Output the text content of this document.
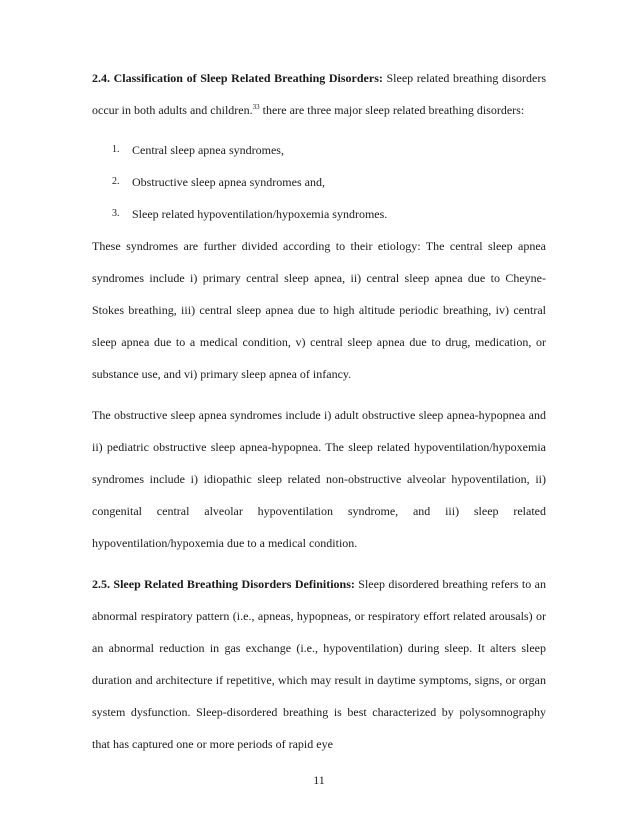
2.4. Classification of Sleep Related Breathing Disorders: Sleep related breathing disorders occur in both adults and children.$^{33}$ there are three major sleep related breathing disorders:

1. Central sleep apnea syndromes,
2. Obstructive sleep apnea syndromes and,
3. Sleep related hypoventilation/hypoxemia syndromes.

These syndromes are further divided according to their etiology: The central sleep apnea syndromes include i) primary central sleep apnea, ii) central sleep apnea due to Cheyne-Stokes breathing, iii) central sleep apnea due to high altitude periodic breathing, iv) central sleep apnea due to a medical condition, v) central sleep apnea due to drug, medication, or substance use, and vi) primary sleep apnea of infancy.

The obstructive sleep apnea syndromes include i) adult obstructive sleep apnea-hypopnea and ii) pediatric obstructive sleep apnea-hypopnea. The sleep related hypoventilation/hypoxemia syndromes include i) idiopathic sleep related non-obstructive alveolar hypoventilation, ii) congenital central alveolar hypoventilation syndrome, and iii) sleep related hypoventilation/hypoxemia due to a medical condition.

2.5. Sleep Related Breathing Disorders Definitions: Sleep disordered breathing refers to an abnormal respiratory pattern (i.e., apneas, hypopneas, or respiratory effort related arousals) or an abnormal reduction in gas exchange (i.e., hypoventilation) during sleep. It alters sleep duration and architecture if repetitive, which may result in daytime symptoms, signs, or organ system dysfunction. Sleep-disordered breathing is best characterized by polysomnography that has captured one or more periods of rapid eye

11
